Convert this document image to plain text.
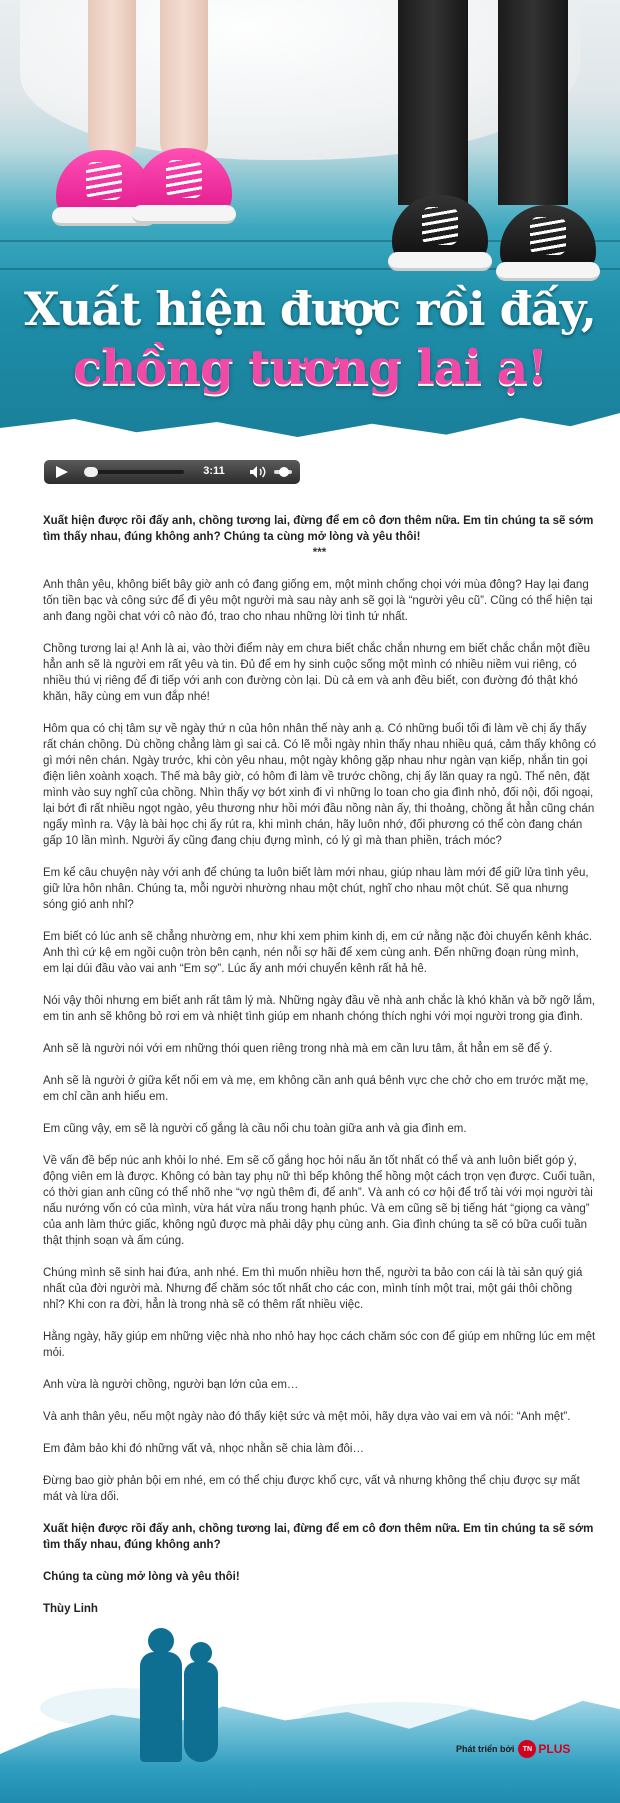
Xuất hiện được rồi đấy,
chồng tương lai ạ!
3:11

Xuất hiện được rồi đấy anh, chồng tương lai, đừng để em cô đơn thêm nữa. Em tin chúng ta sẽ sớm tìm thấy nhau, đúng không anh? Chúng ta cùng mở lòng và yêu thôi!

***

Anh thân yêu, không biết bây giờ anh có đang giống em, một mình chống chọi với mùa đông? Hay lại đang tốn tiền bạc và công sức để đi yêu một người mà sau này anh sẽ gọi là “người yêu cũ”. Cũng có thể hiện tại anh đang ngồi chat với cô nào đó, trao cho nhau những lời tình tứ nhất.

Chồng tương lai ạ! Anh là ai, vào thời điểm này em chưa biết chắc chắn nhưng em biết chắc chắn một điều hẳn anh sẽ là người em rất yêu và tin. Đủ để em hy sinh cuộc sống một mình có nhiều niềm vui riêng, có nhiều thú vị riêng để đi tiếp với anh con đường còn lại. Dù cả em và anh đều biết, con đường đó thật khó khăn, hãy cùng em vun đắp nhé!

Hôm qua có chị tâm sự về ngày thứ n của hôn nhân thế này anh ạ. Có những buổi tối đi làm về chị ấy thấy rất chán chồng. Dù chồng chẳng làm gì sai cả. Có lẽ mỗi ngày nhìn thấy nhau nhiều quá, cảm thấy không có gì mới nên chán. Ngày trước, khi còn yêu nhau, một ngày không gặp nhau như ngàn vạn kiếp, nhắn tin gọi điện liên xoành xoạch. Thế mà bây giờ, có hôm đi làm về trước chồng, chị ấy lăn quay ra ngủ. Thế nên, đặt mình vào suy nghĩ của chồng. Nhìn thấy vợ bớt xinh đi vì những lo toan cho gia đình nhỏ, đối nội, đối ngoại, lại bớt đi rất nhiều ngọt ngào, yêu thương như hồi mới đầu nồng nàn ấy, thi thoảng, chồng ắt hẳn cũng chán ngấy mình ra. Vậy là bài học chị ấy rút ra, khi mình chán, hãy luôn nhớ, đối phương có thể còn đang chán gấp 10 lần mình. Người ấy cũng đang chịu đựng mình, có lý gì mà than phiền, trách móc?

Em kể câu chuyện này với anh để chúng ta luôn biết làm mới nhau, giúp nhau làm mới để giữ lửa tình yêu, giữ lửa hôn nhân. Chúng ta, mỗi người nhường nhau một chút, nghĩ cho nhau một chút. Sẽ qua nhưng sóng gió anh nhỉ?

Em biết có lúc anh sẽ chẳng nhường em, như khi xem phim kinh dị, em cứ nằng nặc đòi chuyển kênh khác. Anh thì cứ kệ em ngồi cuộn tròn bên cạnh, nén nỗi sợ hãi để xem cùng anh. Đến những đoạn rùng mình, em lại dúi đầu vào vai anh “Em sợ”. Lúc ấy anh mới chuyển kênh rất hả hê.

Nói vậy thôi nhưng em biết anh rất tâm lý mà. Những ngày đầu về nhà anh chắc là khó khăn và bỡ ngỡ lắm, em tin anh sẽ không bỏ rơi em và nhiệt tình giúp em nhanh chóng thích nghi với mọi người trong gia đình.

Anh sẽ là người nói với em những thói quen riêng trong nhà mà em cần lưu tâm, ắt hẳn em sẽ để ý.

Anh sẽ là người ở giữa kết nối em và mẹ, em không cần anh quá bênh vực che chở cho em trước mặt mẹ, em chỉ cần anh hiểu em.

Em cũng vậy, em sẽ là người cố gắng là cầu nối chu toàn giữa anh và gia đình em.

Về vấn đề bếp núc anh khỏi lo nhé. Em sẽ cố gắng học hỏi nấu ăn tốt nhất có thể và anh luôn biết góp ý, động viên em là được. Không có bàn tay phụ nữ thì bếp không thể hồng một cách trọn vẹn được. Cuối tuần, có thời gian anh cũng có thể nhõ nhe “vợ ngủ thêm đi, để anh”. Và anh có cơ hội để trổ tài với mọi người tài nấu nướng vốn có của mình, vừa hát vừa nấu trong hạnh phúc. Và em cũng sẽ bị tiếng hát “giọng ca vàng” của anh làm thức giấc, không ngủ được mà phải dậy phụ cùng anh. Gia đình chúng ta sẽ có bữa cuối tuần thật thịnh soạn và ấm cúng.

Chúng mình sẽ sinh hai đứa, anh nhé. Em thì muốn nhiều hơn thế, người ta bảo con cái là tài sản quý giá nhất của đời người mà. Nhưng để chăm sóc tốt nhất cho các con, mình tính một trai, một gái thôi chồng nhỉ? Khi con ra đời, hẳn là trong nhà sẽ có thêm rất nhiều việc.

Hằng ngày, hãy giúp em những việc nhà nho nhỏ hay học cách chăm sóc con để giúp em những lúc em mệt mỏi.

Anh vừa là người chồng, người bạn lớn của em…

Và anh thân yêu, nếu một ngày nào đó thấy kiệt sức và mệt mỏi, hãy dựa vào vai em và nói: “Anh mệt”.

Em đảm bảo khi đó những vất vả, nhọc nhằn sẽ chia làm đôi…

Đừng bao giờ phản bội em nhé, em có thể chịu được khổ cực, vất vả nhưng không thể chịu được sự mất mát và lừa dối.

Xuất hiện được rồi đấy anh, chồng tương lai, đừng để em cô đơn thêm nữa. Em tin chúng ta sẽ sớm tìm thấy nhau, đúng không anh?

Chúng ta cùng mở lòng và yêu thôi!

Thùy Linh

Phát triển bởi	TN PLUS
